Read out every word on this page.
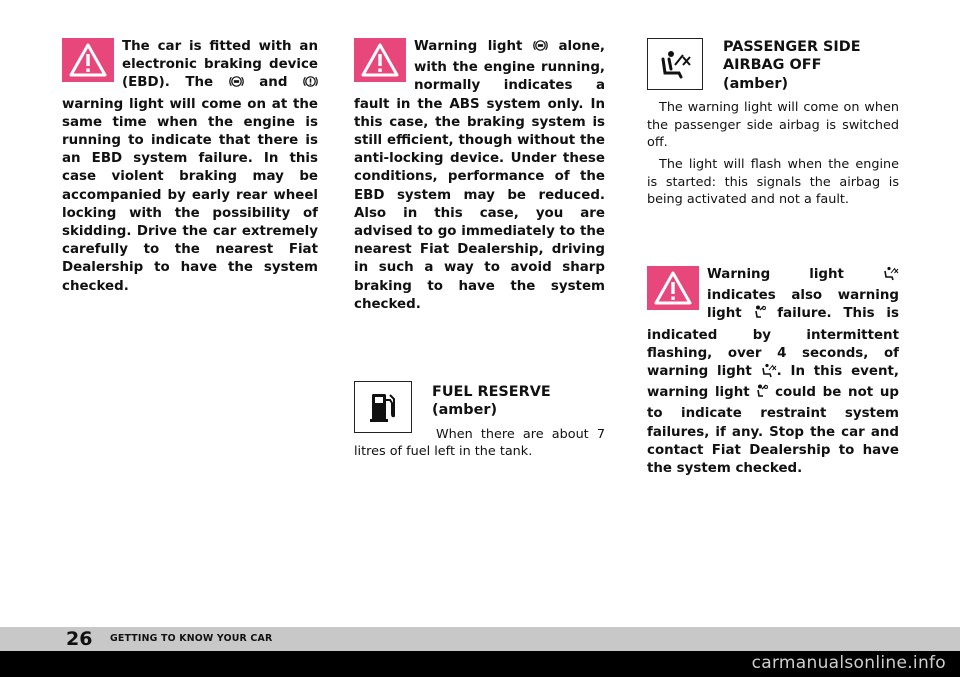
The car is fitted with an electronic braking device (EBD). The	and  warning light will come on at the same time when the engine is running to indicate that there is an EBD system failure. In this case violent braking may be accompanied by early rear wheel locking with the possibility of skidding. Drive the car extremely carefully to the nearest Fiat Dealership to have the system checked.

Warning light	alone, with the engine running, normally indicates a fault in the ABS system only. In this case, the braking system is still efficient, though without the anti-locking device. Under these conditions, performance of the EBD system may be reduced. Also in this case, you are advised to go immediately to the nearest Fiat Dealership, driving in such a way to avoid sharp braking to have the system checked.

FUEL RESERVE

(amber)

When there are about 7 litres of fuel left in the tank.

PASSENGER SIDE

AIRBAG OFF

(amber)

The warning light will come on when the passenger side airbag is switched off.

The light will flash when the engine is started: this signals the airbag is being activated and not a fault.

Warning light  indicates also warning light	failure. This is indicated by intermittent flashing, over 4 seconds, of warning light . In this event, warning light could be not up to indicate restraint system failures, if any. Stop the car and contact Fiat Dealership to have the system checked.

26 GETTING TO KNOW YOUR CAR
carmanualsonline.info
